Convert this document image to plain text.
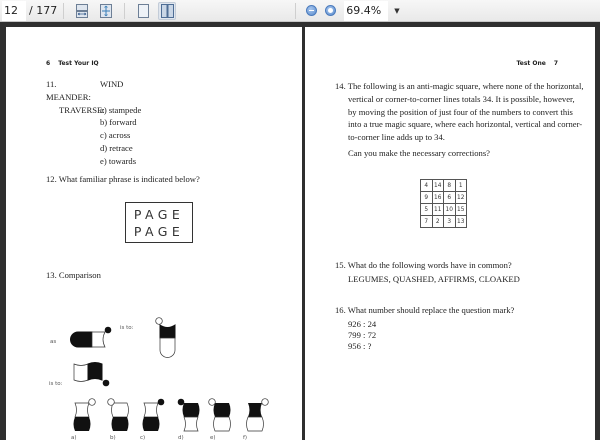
12
/ 177	69.4% ▼
6 Test Your IQ
11. MEANDER:
WIND
TRAVERSE:
a) stampede
b) forward
c) across
d) retrace
e) towards
12. What familiar phrase is indicated below?
PAGE
PAGE
13. Comparison
is to:
as
is to:
a)	b)	c)	d)	e)	f)
Test One 7

14. The following is an anti-magic square, where none of the horizontal, vertical or corner-to-corner lines totals 34. It is possible, however, by moving the position of just four of the numbers to convert this into a true magic square, where each horizontal, vertical and corner-to-corner line adds up to 34.

Can you make the necessary corrections?

4	14	8	1
9	16	6	12
5	11	10	15
7	2	3	13
15. What do the following words have in common?
LEGUMES, QUASHED, AFFIRMS, CLOAKED
16. What number should replace the question mark?
926 : 24
799 : 72
956 : ?
